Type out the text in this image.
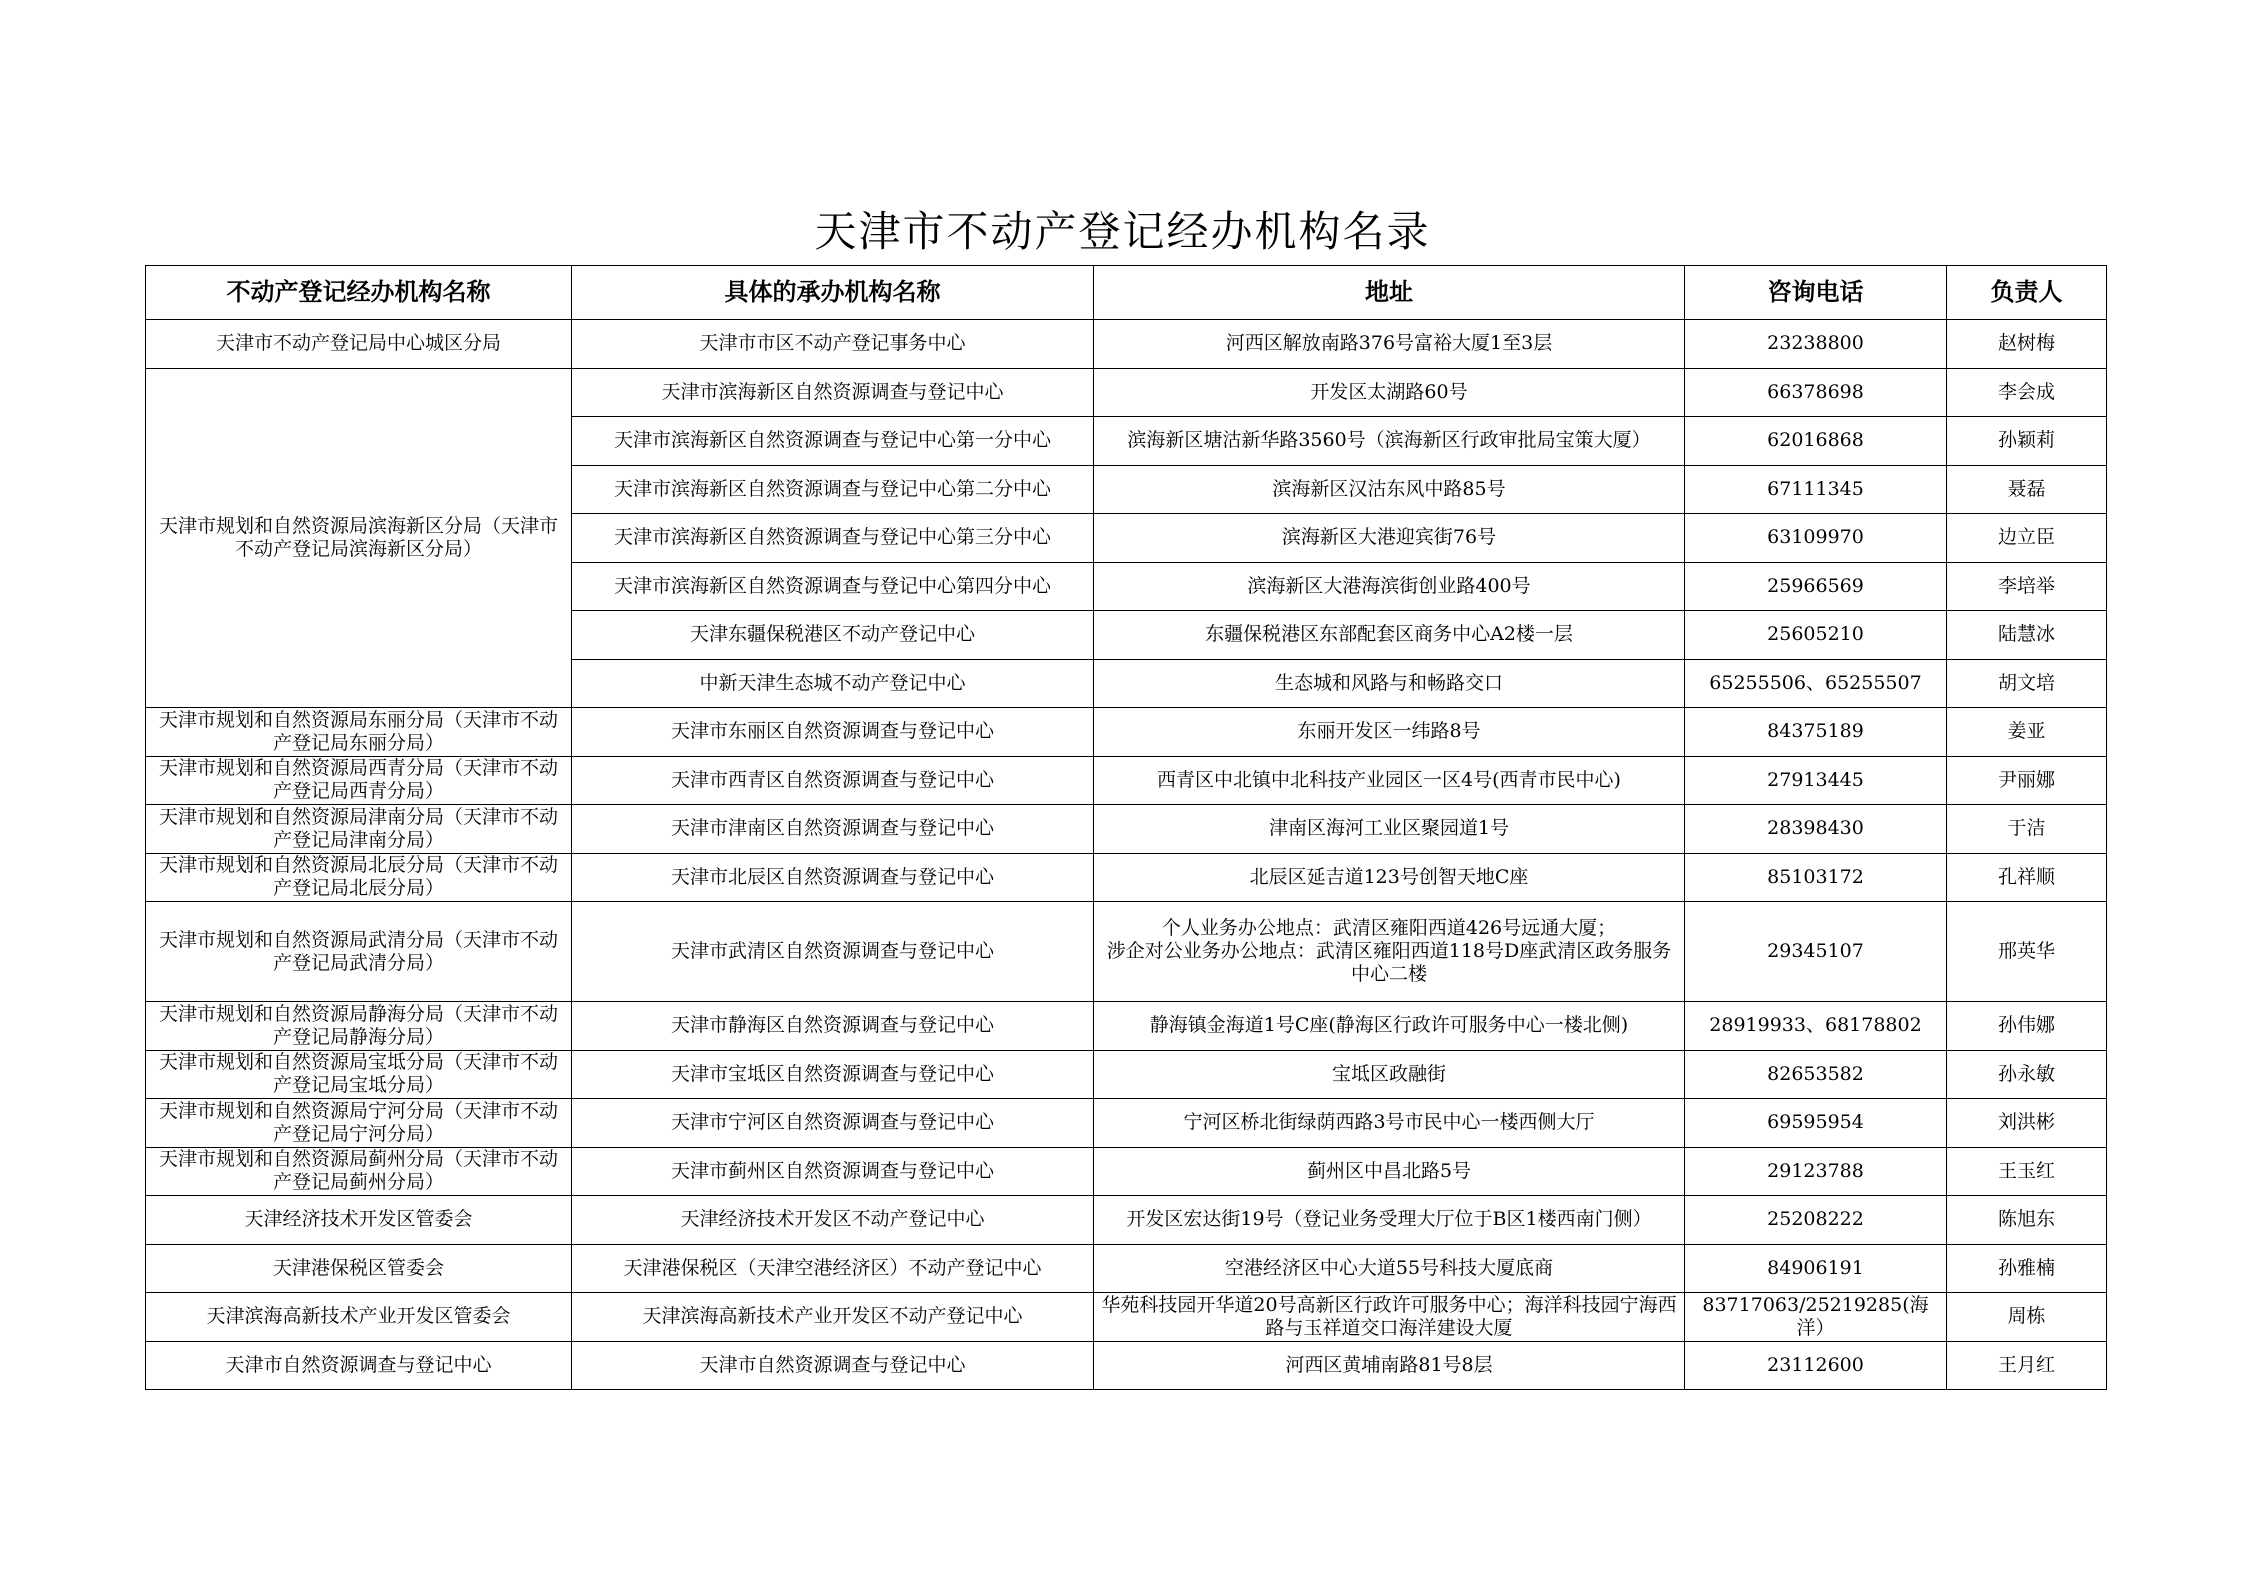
天津市不动产登记经办机构名录
不动产登记经办机构名称	具体的承办机构名称	地址	咨询电话	负责人
天津市不动产登记局中心城区分局	天津市市区不动产登记事务中心	河西区解放南路376号富裕大厦1至3层	23238800	赵树梅
天津市规划和自然资源局滨海新区分局（天津市不动产登记局滨海新区分局）	天津市滨海新区自然资源调查与登记中心	开发区太湖路60号	66378698	李会成
	天津市滨海新区自然资源调查与登记中心第一分中心	滨海新区塘沽新华路3560号（滨海新区行政审批局宝策大厦）	62016868	孙颖莉
	天津市滨海新区自然资源调查与登记中心第二分中心	滨海新区汉沽东风中路85号	67111345	聂磊
	天津市滨海新区自然资源调查与登记中心第三分中心	滨海新区大港迎宾街76号	63109970	边立臣
	天津市滨海新区自然资源调查与登记中心第四分中心	滨海新区大港海滨街创业路400号	25966569	李培举
	天津东疆保税港区不动产登记中心	东疆保税港区东部配套区商务中心A2楼一层	25605210	陆慧冰
	中新天津生态城不动产登记中心	生态城和风路与和畅路交口	65255506、65255507	胡文培
天津市规划和自然资源局东丽分局（天津市不动产登记局东丽分局）	天津市东丽区自然资源调查与登记中心	东丽开发区一纬路8号	84375189	姜亚
天津市规划和自然资源局西青分局（天津市不动产登记局西青分局）	天津市西青区自然资源调查与登记中心	西青区中北镇中北科技产业园区一区4号(西青市民中心)	27913445	尹丽娜
天津市规划和自然资源局津南分局（天津市不动产登记局津南分局）	天津市津南区自然资源调查与登记中心	津南区海河工业区聚园道1号	28398430	于洁
天津市规划和自然资源局北辰分局（天津市不动产登记局北辰分局）	天津市北辰区自然资源调查与登记中心	北辰区延吉道123号创智天地C座	85103172	孔祥顺
天津市规划和自然资源局武清分局（天津市不动产登记局武清分局）	天津市武清区自然资源调查与登记中心	个人业务办公地点：武清区雍阳西道426号远通大厦；
涉企对公业务办公地点：武清区雍阳西道118号D座武清区政务服务中心二楼	29345107	邢英华
天津市规划和自然资源局静海分局（天津市不动产登记局静海分局）	天津市静海区自然资源调查与登记中心	静海镇金海道1号C座(静海区行政许可服务中心一楼北侧)	28919933、68178802	孙伟娜
天津市规划和自然资源局宝坻分局（天津市不动产登记局宝坻分局）	天津市宝坻区自然资源调查与登记中心	宝坻区政融街	82653582	孙永敏
天津市规划和自然资源局宁河分局（天津市不动产登记局宁河分局）	天津市宁河区自然资源调查与登记中心	宁河区桥北街绿荫西路3号市民中心一楼西侧大厅	69595954	刘洪彬
天津市规划和自然资源局蓟州分局（天津市不动产登记局蓟州分局）	天津市蓟州区自然资源调查与登记中心	蓟州区中昌北路5号	29123788	王玉红
天津经济技术开发区管委会	天津经济技术开发区不动产登记中心	开发区宏达街19号（登记业务受理大厅位于B区1楼西南门侧）	25208222	陈旭东
天津港保税区管委会	天津港保税区（天津空港经济区）不动产登记中心	空港经济区中心大道55号科技大厦底商	84906191	孙雅楠
天津滨海高新技术产业开发区管委会	天津滨海高新技术产业开发区不动产登记中心	华苑科技园开华道20号高新区行政许可服务中心；海洋科技园宁海西路与玉祥道交口海洋建设大厦	83717063/25219285(海洋）	周栋
天津市自然资源调查与登记中心	天津市自然资源调查与登记中心	河西区黄埔南路81号8层	23112600	王月红
